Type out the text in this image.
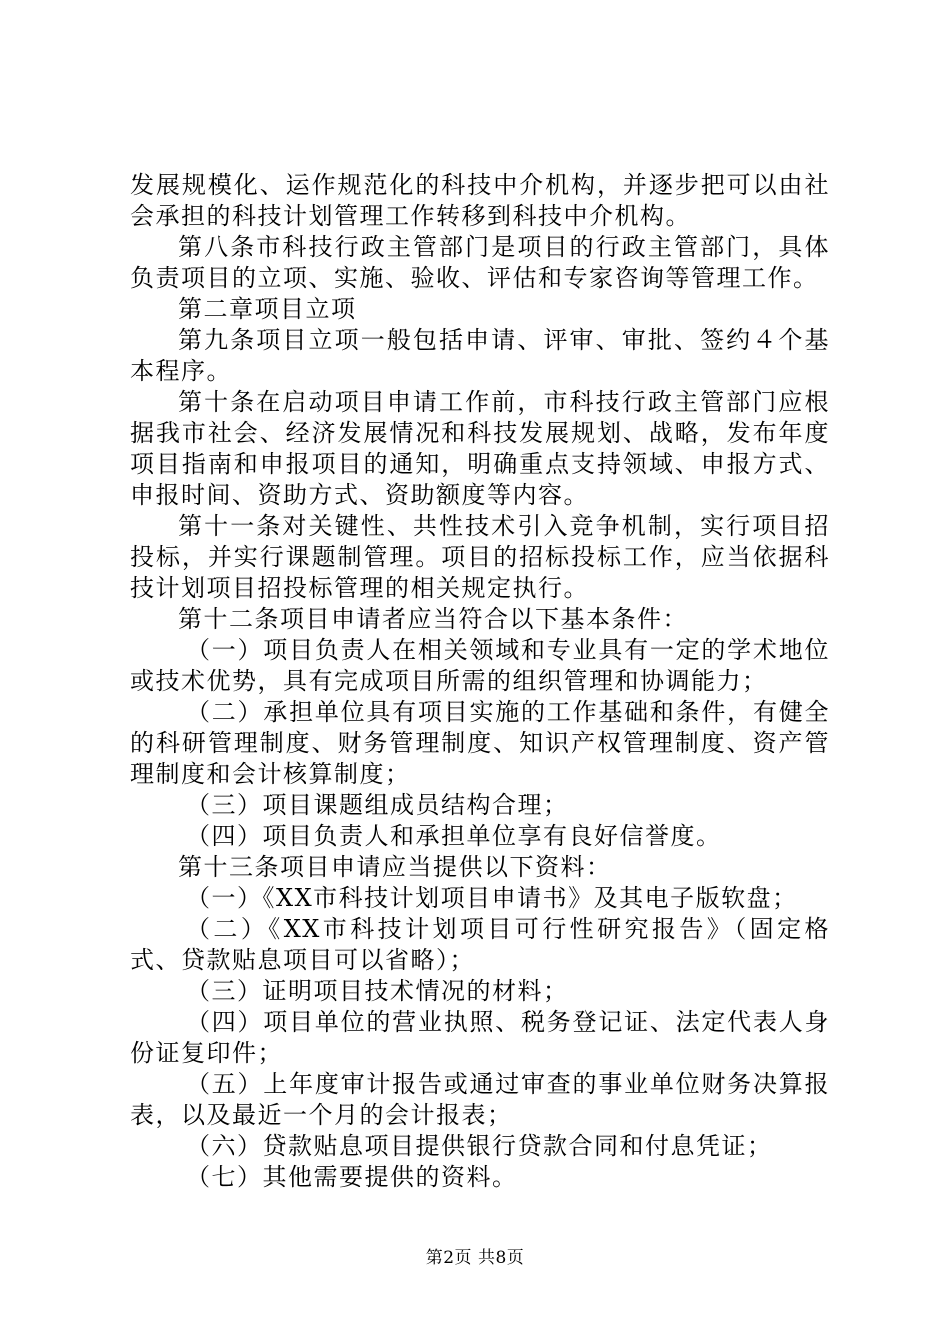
发展规模化、运作规范化的科技中介机构，并逐步把可以由社会承担的科技计划管理工作转移到科技中介机构。

第八条市科技行政主管部门是项目的行政主管部门，具体负责项目的立项、实施、验收、评估和专家咨询等管理工作。

第二章项目立项

第九条项目立项一般包括申请、评审、审批、签约４个基本程序。

第十条在启动项目申请工作前，市科技行政主管部门应根据我市社会、经济发展情况和科技发展规划、战略，发布年度项目指南和申报项目的通知，明确重点支持领域、申报方式、申报时间、资助方式、资助额度等内容。

第十一条对关键性、共性技术引入竞争机制，实行项目招投标，并实行课题制管理。项目的招标投标工作，应当依据科技计划项目招投标管理的相关规定执行。

第十二条项目申请者应当符合以下基本条件：

（一）项目负责人在相关领域和专业具有一定的学术地位或技术优势，具有完成项目所需的组织管理和协调能力；

（二）承担单位具有项目实施的工作基础和条件，有健全的科研管理制度、财务管理制度、知识产权管理制度、资产管理制度和会计核算制度；

（三）项目课题组成员结构合理；

（四）项目负责人和承担单位享有良好信誉度。

第十三条项目申请应当提供以下资料：

（一）《XX市科技计划项目申请书》及其电子版软盘；

（二）《XX市科技计划项目可行性研究报告》（固定格式、贷款贴息项目可以省略）；

（三）证明项目技术情况的材料；

（四）项目单位的营业执照、税务登记证、法定代表人身份证复印件；

（五）上年度审计报告或通过审查的事业单位财务决算报表，以及最近一个月的会计报表；

（六）贷款贴息项目提供银行贷款合同和付息凭证；

（七）其他需要提供的资料。

第2页 共8页
